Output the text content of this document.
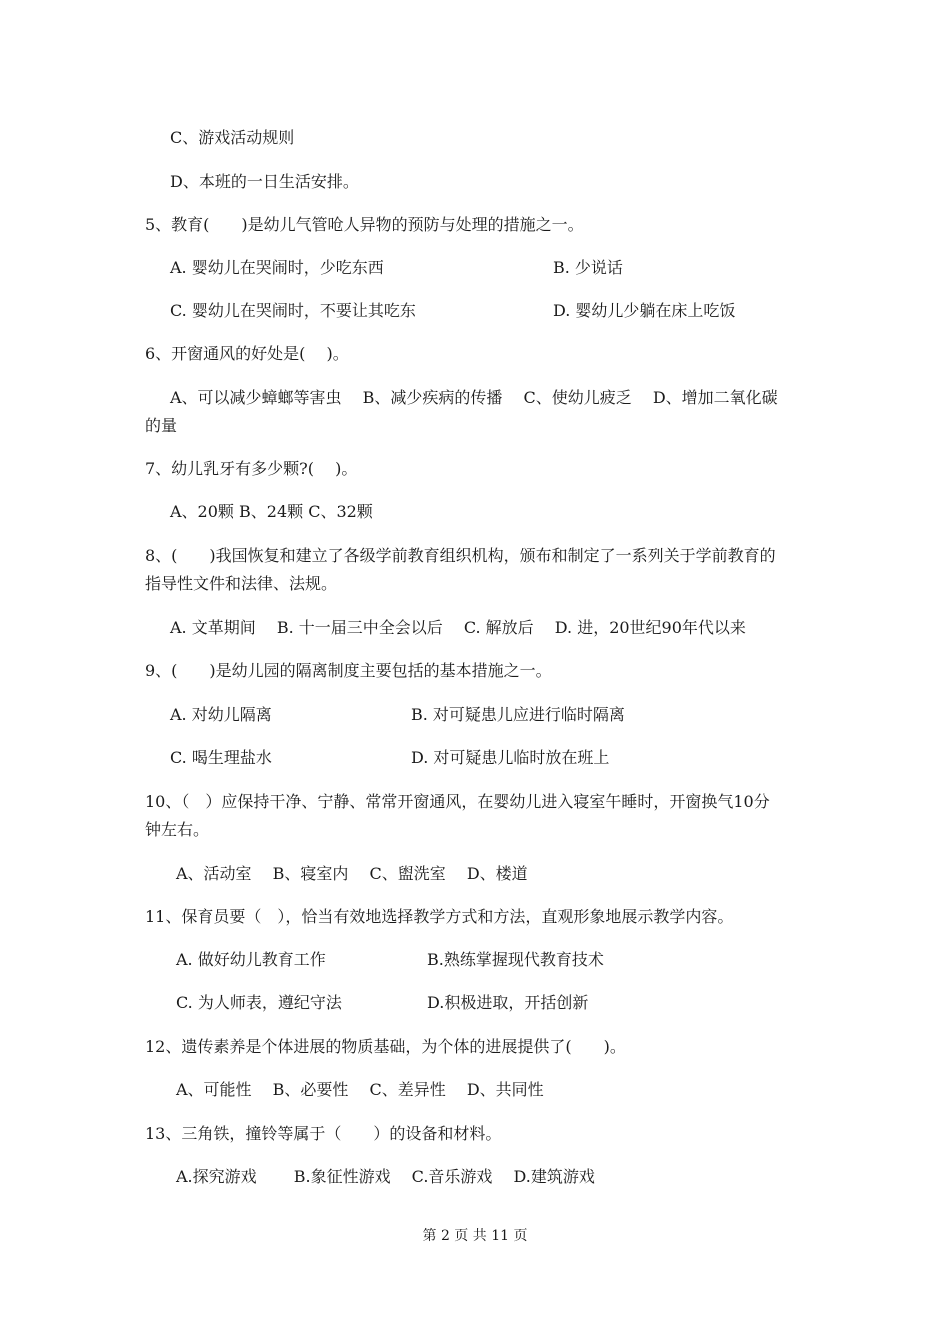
C、游戏活动规则
D、本班的一日生活安排。
5、教育(　　)是幼儿气管呛人异物的预防与处理的措施之一。
A. 婴幼儿在哭闹时，少吃东西	B. 少说话
C. 婴幼儿在哭闹时，不要让其吃东	D. 婴幼儿少躺在床上吃饭
6、开窗通风的好处是(　 )。
A、可以减少蟑螂等害虫　 B、减少疾病的传播　 C、使幼儿疲乏　 D、增加二氧化碳
的量
7、幼儿乳牙有多少颗?(　 )。
A、20颗 B、24颗 C、32颗
8、(　　)我国恢复和建立了各级学前教育组织机构，颁布和制定了一系列关于学前教育的
指导性文件和法律、法规。
A. 文革期间　 B. 十一届三中全会以后　 C. 解放后　 D. 进，20世纪90年代以来
9、(　　)是幼儿园的隔离制度主要包括的基本措施之一。
A. 对幼儿隔离	B. 对可疑患儿应进行临时隔离
C. 喝生理盐水	D. 对可疑患儿临时放在班上
10、（　）应保持干净、宁静、常常开窗通风，在婴幼儿进入寝室午睡时，开窗换气10分
钟左右。
A、活动室　 B、寝室内　 C、盥洗室　 D、楼道
11、保育员要（　），恰当有效地选择教学方式和方法，直观形象地展示教学内容。
A. 做好幼儿教育工作	B.熟练掌握现代教育技术
C. 为人师表，遵纪守法	D.积极进取，开括创新
12、遗传素养是个体进展的物质基础，为个体的进展提供了(　　)。
A、可能性　 B、必要性　 C、差异性　 D、共同性
13、三角铁，撞铃等属于（　　）的设备和材料。
A.探究游戏　　 B.象征性游戏　 C.音乐游戏　 D.建筑游戏
第 2 页 共 11 页
